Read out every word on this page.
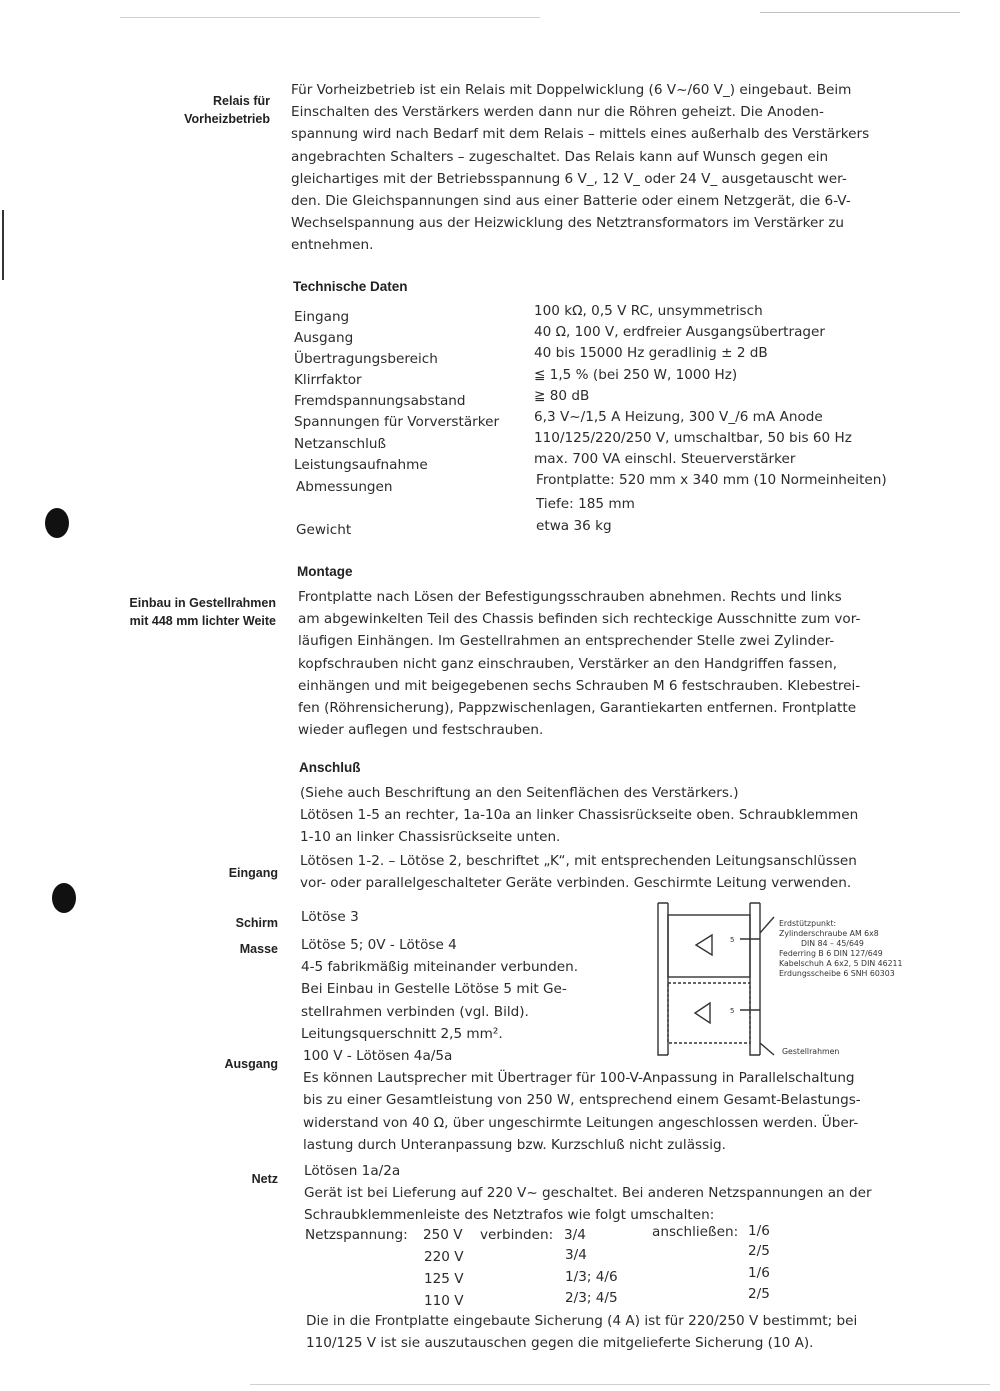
Relais für
Vorheizbetrieb
Für Vorheizbetrieb ist ein Relais mit Doppelwicklung (6 V~/60 V_) eingebaut. Beim
Einschalten des Verstärkers werden dann nur die Röhren geheizt. Die Anoden-
spannung wird nach Bedarf mit dem Relais – mittels eines außerhalb des Verstärkers
angebrachten Schalters – zugeschaltet. Das Relais kann auf Wunsch gegen ein
gleichartiges mit der Betriebsspannung 6 V_, 12 V_ oder 24 V_ ausgetauscht wer-
den. Die Gleichspannungen sind aus einer Batterie oder einem Netzgerät, die 6-V-
Wechselspannung aus der Heizwicklung des Netztransformators im Verstärker zu
entnehmen.
Technische Daten
Eingang	100 kΩ, 0,5 V RC, unsymmetrisch
Ausgang	40 Ω, 100 V, erdfreier Ausgangsübertrager
Übertragungsbereich	40 bis 15000 Hz geradlinig ± 2 dB
Klirrfaktor	≦ 1,5 % (bei 250 W, 1000 Hz)
Fremdspannungsabstand	≧ 80 dB
Spannungen für Vorverstärker	6,3 V~/1,5 A Heizung, 300 V_/6 mA Anode
Netzanschluß	110/125/220/250 V, umschaltbar, 50 bis 60 Hz
Leistungsaufnahme	max. 700 VA einschl. Steuerverstärker
Abmessungen	Frontplatte: 520 mm x 340 mm (10 Normeinheiten)
Tiefe: 185 mm
Gewicht	etwa 36 kg
Montage
Einbau in Gestellrahmen
mit 448 mm lichter Weite
Frontplatte nach Lösen der Befestigungsschrauben abnehmen. Rechts und links
am abgewinkelten Teil des Chassis befinden sich rechteckige Ausschnitte zum vor-
läufigen Einhängen. Im Gestellrahmen an entsprechender Stelle zwei Zylinder-
kopfschrauben nicht ganz einschrauben, Verstärker an den Handgriffen fassen,
einhängen und mit beigegebenen sechs Schrauben M 6 festschrauben. Klebestrei-
fen (Röhrensicherung), Pappzwischenlagen, Garantiekarten entfernen. Frontplatte
wieder auflegen und festschrauben.
Anschluß
(Siehe auch Beschriftung an den Seitenflächen des Verstärkers.)
Lötösen 1-5 an rechter, 1a-10a an linker Chassisrückseite oben. Schraubklemmen
1-10 an linker Chassisrückseite unten.
Eingang
Lötösen 1-2. – Lötöse 2, beschriftet „K“, mit entsprechenden Leitungsanschlüssen
vor- oder parallelgeschalteter Geräte verbinden. Geschirmte Leitung verwenden.
Schirm Lötöse 3
Masse Lötöse 5; 0V - Lötöse 4
4-5 fabrikmäßig miteinander verbunden.
Bei Einbau in Gestelle Lötöse 5 mit Ge-
stellrahmen verbinden (vgl. Bild).
Leitungsquerschnitt 2,5 mm².
5
5
Erdstützpunkt:
Zylinderschraube AM 6x8
DIN 84 – 45/649
Federring B 6 DIN 127/649
Kabelschuh A 6x2, 5 DIN 46211
Erdungsscheibe 6 SNH 60303
Gestellrahmen
Ausgang 100 V - Lötösen 4a/5a
Es können Lautsprecher mit Übertrager für 100-V-Anpassung in Parallelschaltung
bis zu einer Gesamtleistung von 250 W, entsprechend einem Gesamt-Belastungs-
widerstand von 40 Ω, über ungeschirmte Leitungen angeschlossen werden. Über-
lastung durch Unteranpassung bzw. Kurzschluß nicht zulässig.
Netz Lötösen 1a/2a
Gerät ist bei Lieferung auf 220 V~ geschaltet. Bei anderen Netzspannungen an der
Schraubklemmenleiste des Netztrafos wie folgt umschalten:
Netzspannung:	verbinden:	anschließen:
250 V	3/4	1/6
220 V	3/4	2/5
125 V	1/3; 4/6	1/6
110 V	2/3; 4/5	2/5
Die in die Frontplatte eingebaute Sicherung (4 A) ist für 220/250 V bestimmt; bei
110/125 V ist sie auszutauschen gegen die mitgelieferte Sicherung (10 A).
